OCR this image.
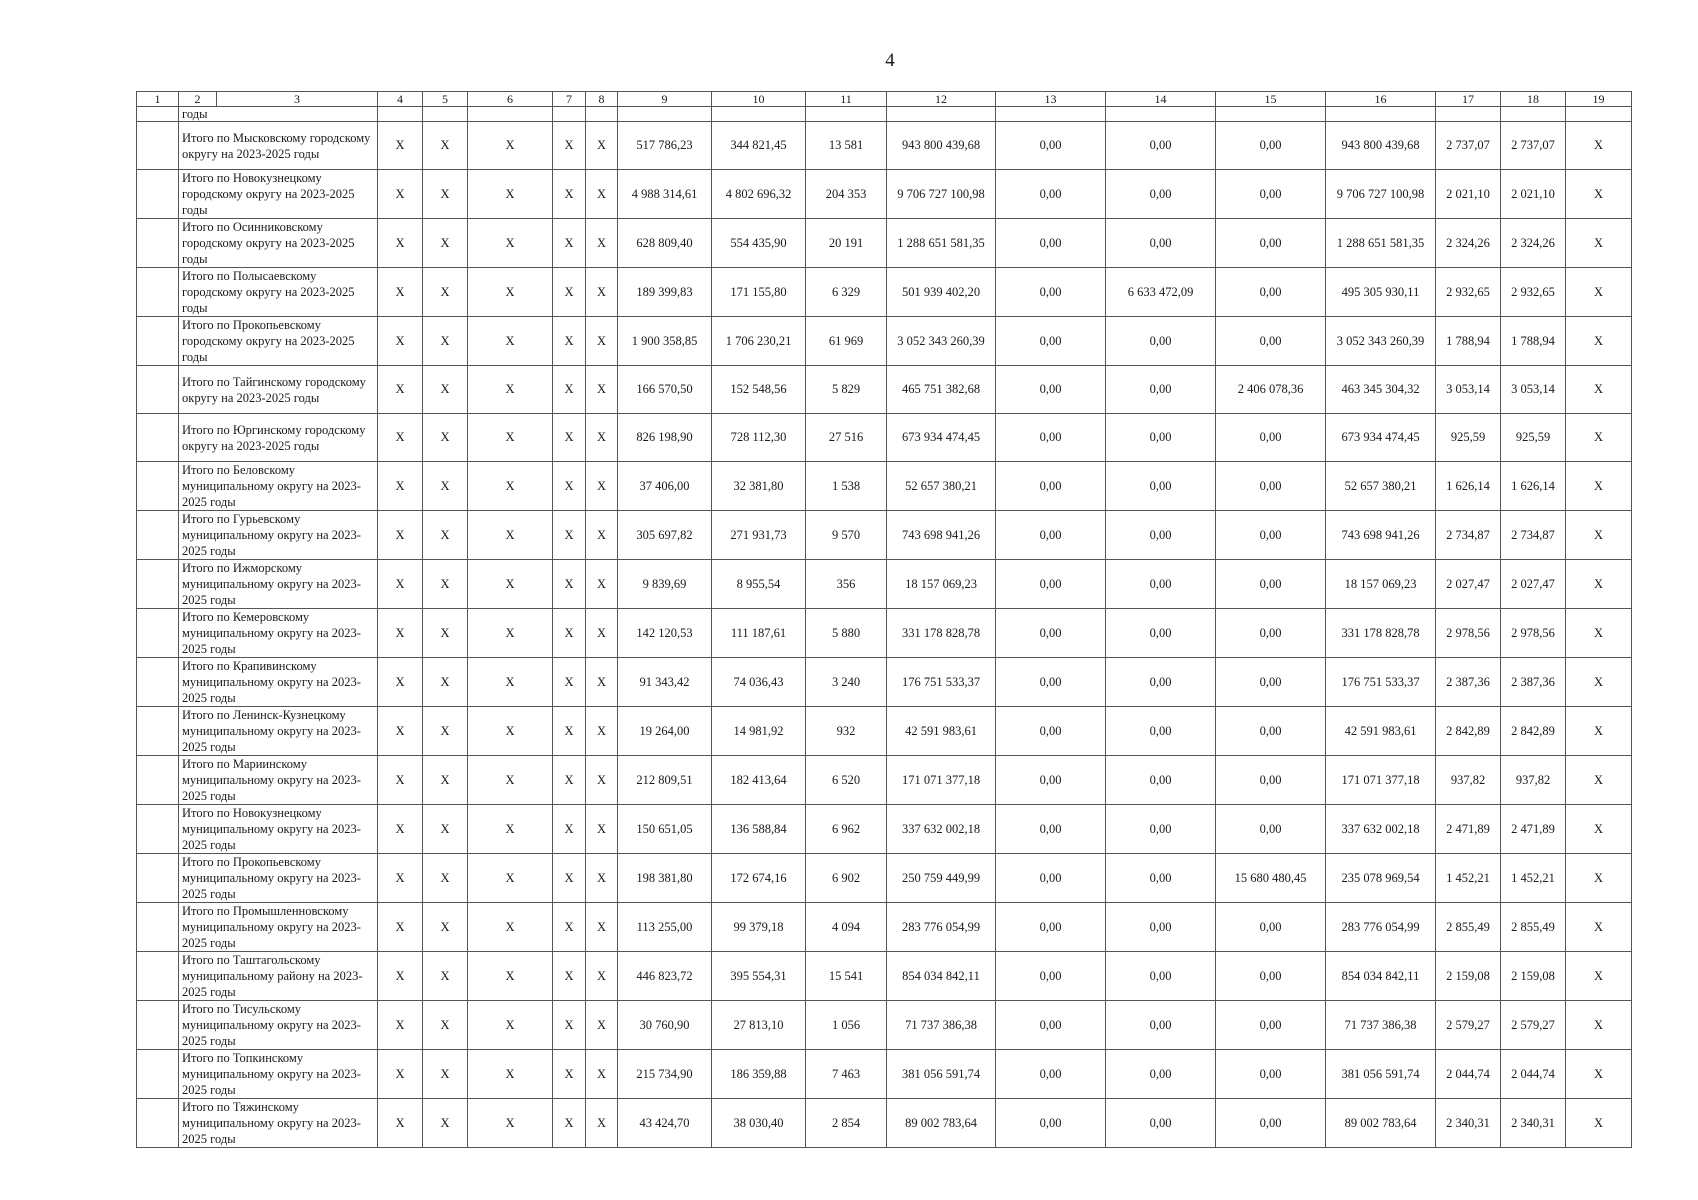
4
1	2	3	4	5	6	7	8	9	10	11	12	13	14	15	16	17	18	19
	годы																	
	Итого по Мысковскому городскому округу на 2023-2025 годы		X	X	X	X	X	517 786,23	344 821,45	13 581	943 800 439,68	0,00	0,00	0,00	943 800 439,68	2 737,07	2 737,07	X
	Итого по Новокузнецкому городскому округу на 2023-2025 годы		X	X	X	X	X	4 988 314,61	4 802 696,32	204 353	9 706 727 100,98	0,00	0,00	0,00	9 706 727 100,98	2 021,10	2 021,10	X
	Итого по Осинниковскому городскому округу на 2023-2025 годы		X	X	X	X	X	628 809,40	554 435,90	20 191	1 288 651 581,35	0,00	0,00	0,00	1 288 651 581,35	2 324,26	2 324,26	X
	Итого по Полысаевскому городскому округу на 2023-2025 годы		X	X	X	X	X	189 399,83	171 155,80	6 329	501 939 402,20	0,00	6 633 472,09	0,00	495 305 930,11	2 932,65	2 932,65	X
	Итого по Прокопьевскому городскому округу на 2023-2025 годы		X	X	X	X	X	1 900 358,85	1 706 230,21	61 969	3 052 343 260,39	0,00	0,00	0,00	3 052 343 260,39	1 788,94	1 788,94	X
	Итого по Тайгинскому городскому округу на 2023-2025 годы		X	X	X	X	X	166 570,50	152 548,56	5 829	465 751 382,68	0,00	0,00	2 406 078,36	463 345 304,32	3 053,14	3 053,14	X
	Итого по Юргинскому городскому округу на 2023-2025 годы		X	X	X	X	X	826 198,90	728 112,30	27 516	673 934 474,45	0,00	0,00	0,00	673 934 474,45	925,59	925,59	X
	Итого по Беловскому муниципальному округу на 2023-2025 годы		X	X	X	X	X	37 406,00	32 381,80	1 538	52 657 380,21	0,00	0,00	0,00	52 657 380,21	1 626,14	1 626,14	X
	Итого по Гурьевскому муниципальному округу на 2023-2025 годы		X	X	X	X	X	305 697,82	271 931,73	9 570	743 698 941,26	0,00	0,00	0,00	743 698 941,26	2 734,87	2 734,87	X
	Итого по Ижморскому муниципальному округу на 2023-2025 годы		X	X	X	X	X	9 839,69	8 955,54	356	18 157 069,23	0,00	0,00	0,00	18 157 069,23	2 027,47	2 027,47	X
	Итого по Кемеровскому муниципальному округу на 2023-2025 годы		X	X	X	X	X	142 120,53	111 187,61	5 880	331 178 828,78	0,00	0,00	0,00	331 178 828,78	2 978,56	2 978,56	X
	Итого по Крапивинскому муниципальному округу на 2023-2025 годы		X	X	X	X	X	91 343,42	74 036,43	3 240	176 751 533,37	0,00	0,00	0,00	176 751 533,37	2 387,36	2 387,36	X
	Итого по Ленинск-Кузнецкому муниципальному округу на 2023-2025 годы		X	X	X	X	X	19 264,00	14 981,92	932	42 591 983,61	0,00	0,00	0,00	42 591 983,61	2 842,89	2 842,89	X
	Итого по Мариинскому муниципальному округу на 2023-2025 годы		X	X	X	X	X	212 809,51	182 413,64	6 520	171 071 377,18	0,00	0,00	0,00	171 071 377,18	937,82	937,82	X
	Итого по Новокузнецкому муниципальному округу на 2023-2025 годы		X	X	X	X	X	150 651,05	136 588,84	6 962	337 632 002,18	0,00	0,00	0,00	337 632 002,18	2 471,89	2 471,89	X
	Итого по Прокопьевскому муниципальному округу на 2023-2025 годы		X	X	X	X	X	198 381,80	172 674,16	6 902	250 759 449,99	0,00	0,00	15 680 480,45	235 078 969,54	1 452,21	1 452,21	X
	Итого по Промышленновскому муниципальному округу на 2023-2025 годы		X	X	X	X	X	113 255,00	99 379,18	4 094	283 776 054,99	0,00	0,00	0,00	283 776 054,99	2 855,49	2 855,49	X
	Итого по Таштагольскому муниципальному району на 2023-2025 годы		X	X	X	X	X	446 823,72	395 554,31	15 541	854 034 842,11	0,00	0,00	0,00	854 034 842,11	2 159,08	2 159,08	X
	Итого по Тисульскому муниципальному округу на 2023-2025 годы		X	X	X	X	X	30 760,90	27 813,10	1 056	71 737 386,38	0,00	0,00	0,00	71 737 386,38	2 579,27	2 579,27	X
	Итого по Топкинскому муниципальному округу на 2023-2025 годы		X	X	X	X	X	215 734,90	186 359,88	7 463	381 056 591,74	0,00	0,00	0,00	381 056 591,74	2 044,74	2 044,74	X
	Итого по Тяжинскому муниципальному округу на 2023-2025 годы		X	X	X	X	X	43 424,70	38 030,40	2 854	89 002 783,64	0,00	0,00	0,00	89 002 783,64	2 340,31	2 340,31	X
